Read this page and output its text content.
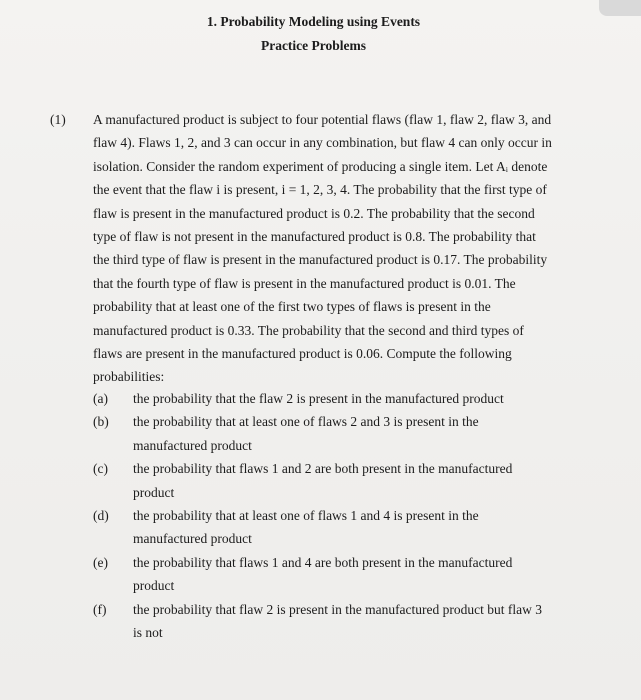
1. Probability Modeling using Events
Practice Problems
(1) A manufactured product is subject to four potential flaws (flaw 1, flaw 2, flaw 3, and

flaw 4). Flaws 1, 2, and 3 can occur in any combination, but flaw 4 can only occur in

isolation. Consider the random experiment of producing a single item. Let Aᵢ denote

the event that the flaw i is present, i = 1, 2, 3, 4. The probability that the first type of

flaw is present in the manufactured product is 0.2. The probability that the second

type of flaw is not present in the manufactured product is 0.8. The probability that

the third type of flaw is present in the manufactured product is 0.17. The probability

that the fourth type of flaw is present in the manufactured product is 0.01. The

probability that at least one of the first two types of flaws is present in the

manufactured product is 0.33. The probability that the second and third types of

flaws are present in the manufactured product is 0.06. Compute the following

probabilities:

(a)	the probability that the flaw 2 is present in the manufactured product
(b)	the probability that at least one of flaws 2 and 3 is present in the
manufactured product
(c)	the probability that flaws 1 and 2 are both present in the manufactured
product
(d)	the probability that at least one of flaws 1 and 4 is present in the
manufactured product
(e)	the probability that flaws 1 and 4 are both present in the manufactured
product
(f)	the probability that flaw 2 is present in the manufactured product but flaw 3
is not
